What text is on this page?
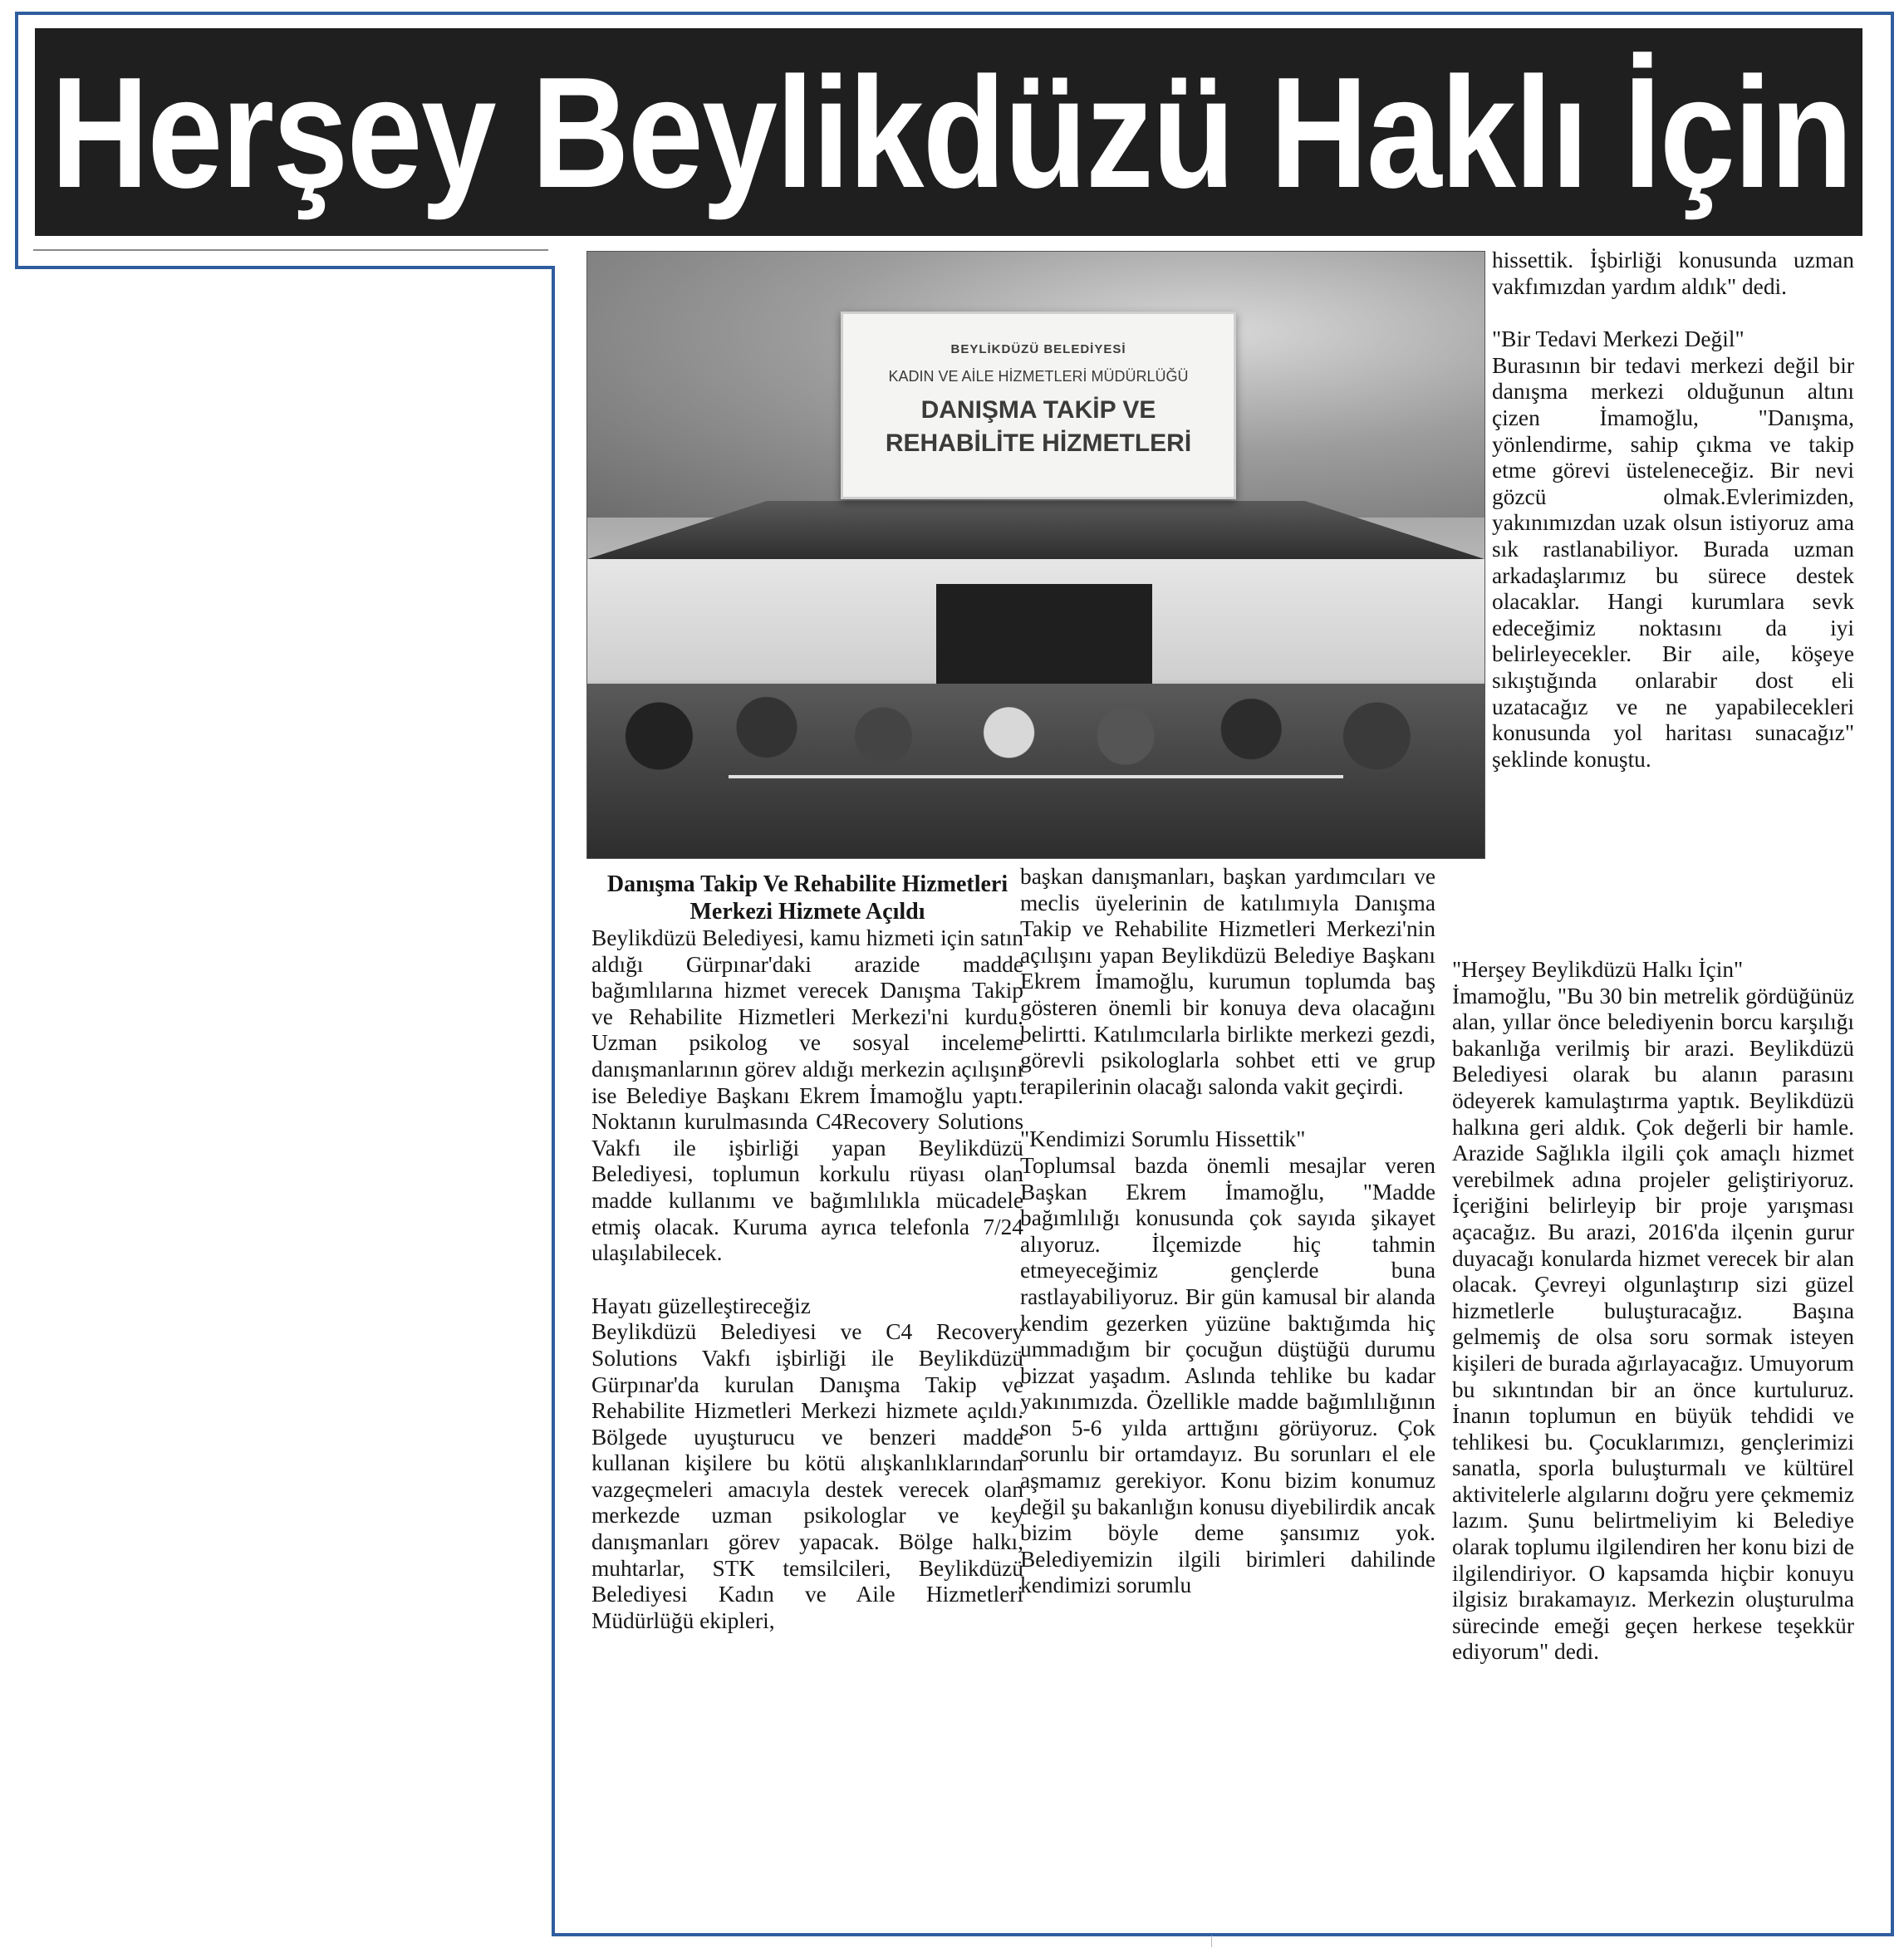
Herşey Beylikdüzü Haklı İçin
BEYLİKDÜZÜ BELEDİYESİ
KADIN VE AİLE HİZMETLERİ MÜDÜRLÜĞÜ
DANIŞMA TAKİP VE
REHABİLİTE HİZMETLERİ

Danışma Takip Ve Rehabilite Hizmetleri Merkezi Hizmete Açıldı

Beylikdüzü Belediyesi, kamu hizmeti için satın aldığı Gürpınar'daki arazide madde bağımlılarına hizmet verecek Danışma Takip ve Rehabilite Hizmetleri Merkezi'ni kurdu. Uzman psikolog ve sosyal inceleme danışmanlarının görev aldığı merkezin açılışını ise Belediye Başkanı Ekrem İmamoğlu yaptı. Noktanın kurulmasında C4Recovery Solutions Vakfı ile işbirliği yapan Beylikdüzü Belediyesi, toplumun korkulu rüyası olan madde kullanımı ve bağımlılıkla mücadele etmiş olacak. Kuruma ayrıca telefonla 7/24 ulaşılabilecek.

Hayatı güzelleştireceğiz

Beylikdüzü Belediyesi ve C4 Recovery Solutions Vakfı işbirliği ile Beylikdüzü Gürpınar'da kurulan Danışma Takip ve Rehabilite Hizmetleri Merkezi hizmete açıldı. Bölgede uyuşturucu ve benzeri madde kullanan kişilere bu kötü alışkanlıklarından vazgeçmeleri amacıyla destek verecek olan merkezde uzman psikologlar ve key danışmanları görev yapacak. Bölge halkı, muhtarlar, STK temsilcileri, Beylikdüzü Belediyesi Kadın ve Aile Hizmetleri Müdürlüğü ekipleri,

başkan danışmanları, başkan yardımcıları ve meclis üyelerinin de katılımıyla Danışma Takip ve Rehabilite Hizmetleri Merkezi'nin açılışını yapan Beylikdüzü Belediye Başkanı Ekrem İmamoğlu, kurumun toplumda baş gösteren önemli bir konuya deva olacağını belirtti. Katılımcılarla birlikte merkezi gezdi, görevli psikologlarla sohbet etti ve grup terapilerinin olacağı salonda vakit geçirdi.

"Kendimizi Sorumlu Hissettik"

Toplumsal bazda önemli mesajlar veren Başkan Ekrem İmamoğlu, "Madde bağımlılığı konusunda çok sayıda şikayet alıyoruz. İlçemizde hiç tahmin etmeyeceğimiz gençlerde buna rastlayabiliyoruz. Bir gün kamusal bir alanda kendim gezerken yüzüne baktığımda hiç ummadığım bir çocuğun düştüğü durumu bizzat yaşadım. Aslında tehlike bu kadar yakınımızda. Özellikle madde bağımlılığının son 5-6 yılda arttığını görüyoruz. Çok sorunlu bir ortamdayız. Bu sorunları el ele aşmamız gerekiyor. Konu bizim konumuz değil şu bakanlığın konusu diyebilirdik ancak bizim böyle deme şansımız yok. Belediyemizin ilgili birimleri dahilinde kendimizi sorumlu

hissettik. İşbirliği konusunda uzman vakfımızdan yardım aldık" dedi.

"Bir Tedavi Merkezi Değil"

Burasının bir tedavi merkezi değil bir danışma merkezi olduğunun altını çizen İmamoğlu, "Danışma, yönlendirme, sahip çıkma ve takip etme görevi üsteleneceğiz. Bir nevi gözcü olmak.Evlerimizden, yakınımızdan uzak olsun istiyoruz ama sık rastlanabiliyor. Burada uzman arkadaşlarımız bu sürece destek olacaklar. Hangi kurumlara sevk edeceğimiz noktasını da iyi belirleyecekler. Bir aile, köşeye sıkıştığında onlarabir dost eli uzatacağız ve ne yapabilecekleri konusunda yol haritası sunacağız" şeklinde konuştu.

"Herşey Beylikdüzü Halkı İçin"

İmamoğlu, "Bu 30 bin metrelik gördüğünüz alan, yıllar önce belediyenin borcu karşılığı bakanlığa verilmiş bir arazi. Beylikdüzü Belediyesi olarak bu alanın parasını ödeyerek kamulaştırma yaptık. Beylikdüzü halkına geri aldık. Çok değerli bir hamle. Arazide Sağlıkla ilgili çok amaçlı hizmet verebilmek adına projeler geliştiriyoruz. İçeriğini belirleyip bir proje yarışması açacağız. Bu arazi, 2016'da ilçenin gurur duyacağı konularda hizmet verecek bir alan olacak. Çevreyi olgunlaştırıp sizi güzel hizmetlerle buluşturacağız. Başına gelmemiş de olsa soru sormak isteyen kişileri de burada ağırlayacağız. Umuyorum bu sıkıntından bir an önce kurtuluruz. İnanın toplumun en büyük tehdidi ve tehlikesi bu. Çocuklarımızı, gençlerimizi sanatla, sporla buluşturmalı ve kültürel aktivitelerle algılarını doğru yere çekmemiz lazım. Şunu belirtmeliyim ki Belediye olarak toplumu ilgilendiren her konu bizi de ilgilendiriyor. O kapsamda hiçbir konuyu ilgisiz bırakamayız. Merkezin oluşturulma sürecinde emeği geçen herkese teşekkür ediyorum" dedi.
